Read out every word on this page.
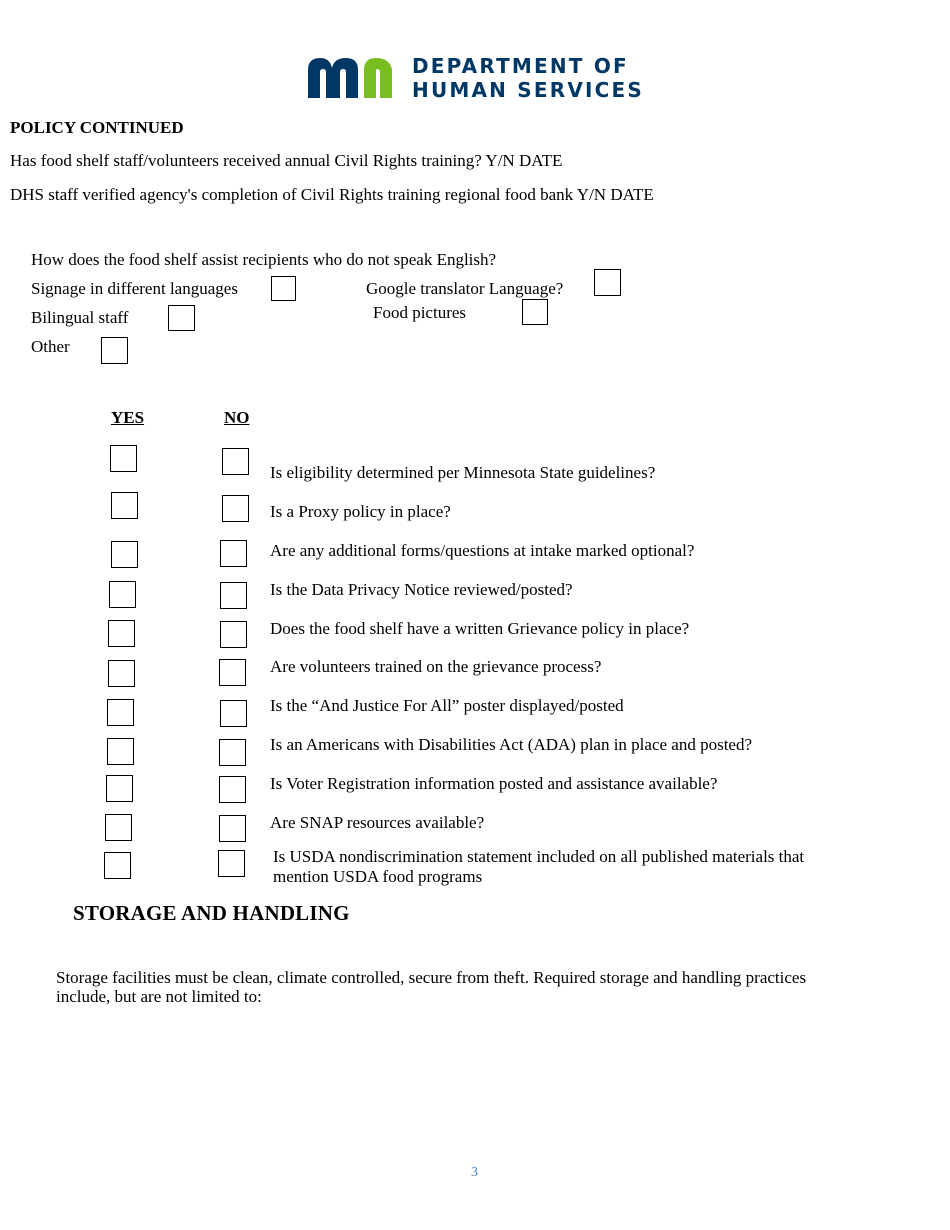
DEPARTMENT OF
HUMAN SERVICES
POLICY CONTINUED
Has food shelf staff/volunteers received annual Civil Rights training? Y/N DATE
DHS staff verified agency's completion of Civil Rights training regional food bank Y/N DATE
How does the food shelf assist recipients who do not speak English?
Signage in different languages	Google translator Language?
Bilingual staff	Food pictures
Other
YES	NO
Is eligibility determined per Minnesota State guidelines?
Is a Proxy policy in place?
Are any additional forms/questions at intake marked optional?
Is the Data Privacy Notice reviewed/posted?
Does the food shelf have a written Grievance policy in place?
Are volunteers trained on the grievance process?
Is the “And Justice For All” poster displayed/posted
Is an Americans with Disabilities Act (ADA) plan in place and posted?
Is Voter Registration information posted and assistance available?
Are SNAP resources available?
Is USDA nondiscrimination statement included on all published materials that
mention USDA food programs
STORAGE AND HANDLING
Storage facilities must be clean, climate controlled, secure from theft. Required storage and handling practices
include, but are not limited to:
3
